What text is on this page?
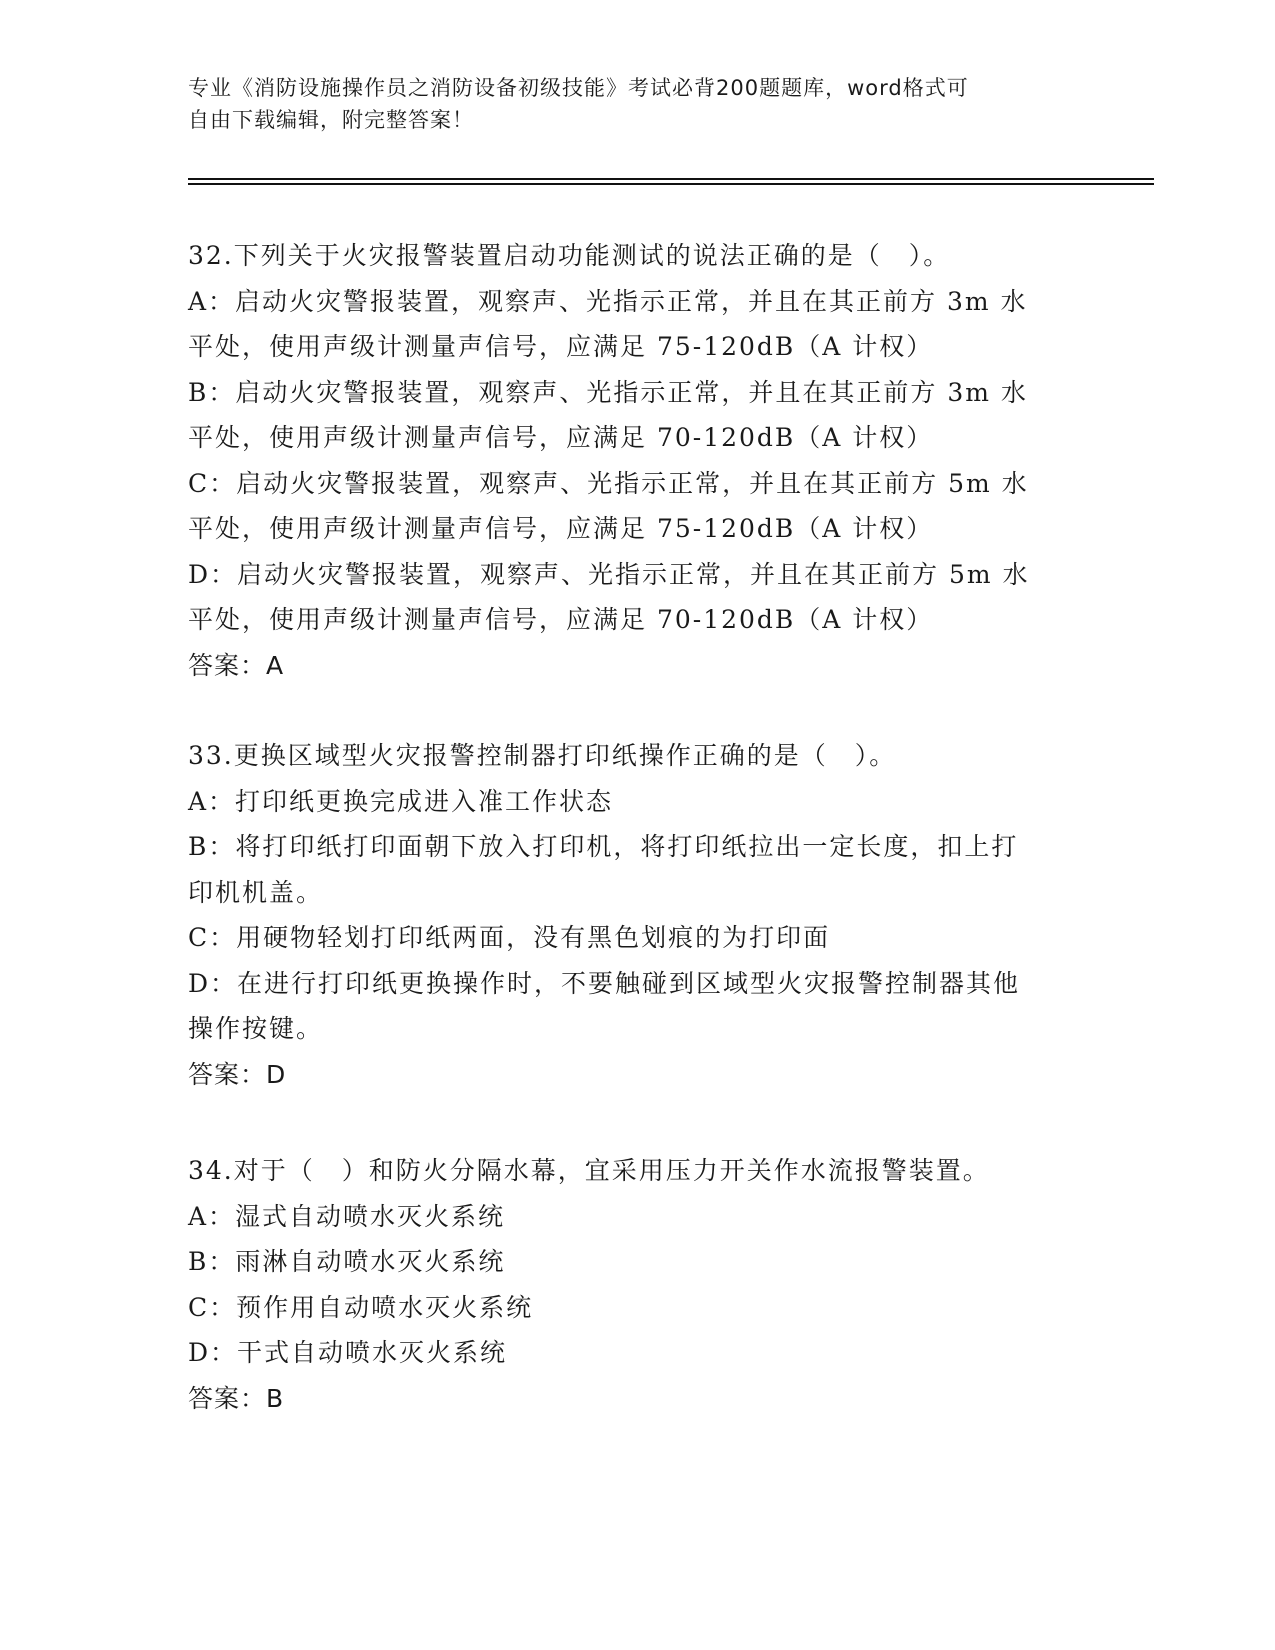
专业《消防设施操作员之消防设备初级技能》考试必背200题题库，word格式可
自由下载编辑，附完整答案！
32.下列关于火灾报警装置启动功能测试的说法正确的是（　）。
A：启动火灾警报装置，观察声、光指示正常，并且在其正前方 3m 水
平处，使用声级计测量声信号，应满足 75-120dB（A 计权）
B：启动火灾警报装置，观察声、光指示正常，并且在其正前方 3m 水
平处，使用声级计测量声信号，应满足 70-120dB（A 计权）
C：启动火灾警报装置，观察声、光指示正常，并且在其正前方 5m 水
平处，使用声级计测量声信号，应满足 75-120dB（A 计权）
D：启动火灾警报装置，观察声、光指示正常，并且在其正前方 5m 水
平处，使用声级计测量声信号，应满足 70-120dB（A 计权）
答案：A
33.更换区域型火灾报警控制器打印纸操作正确的是（　）。
A：打印纸更换完成进入准工作状态
B：将打印纸打印面朝下放入打印机，将打印纸拉出一定长度，扣上打
印机机盖。
C：用硬物轻划打印纸两面，没有黑色划痕的为打印面
D：在进行打印纸更换操作时，不要触碰到区域型火灾报警控制器其他
操作按键。
答案：D
34.对于（　）和防火分隔水幕，宜采用压力开关作水流报警装置。
A：湿式自动喷水灭火系统
B：雨淋自动喷水灭火系统
C：预作用自动喷水灭火系统
D：干式自动喷水灭火系统
答案：B
